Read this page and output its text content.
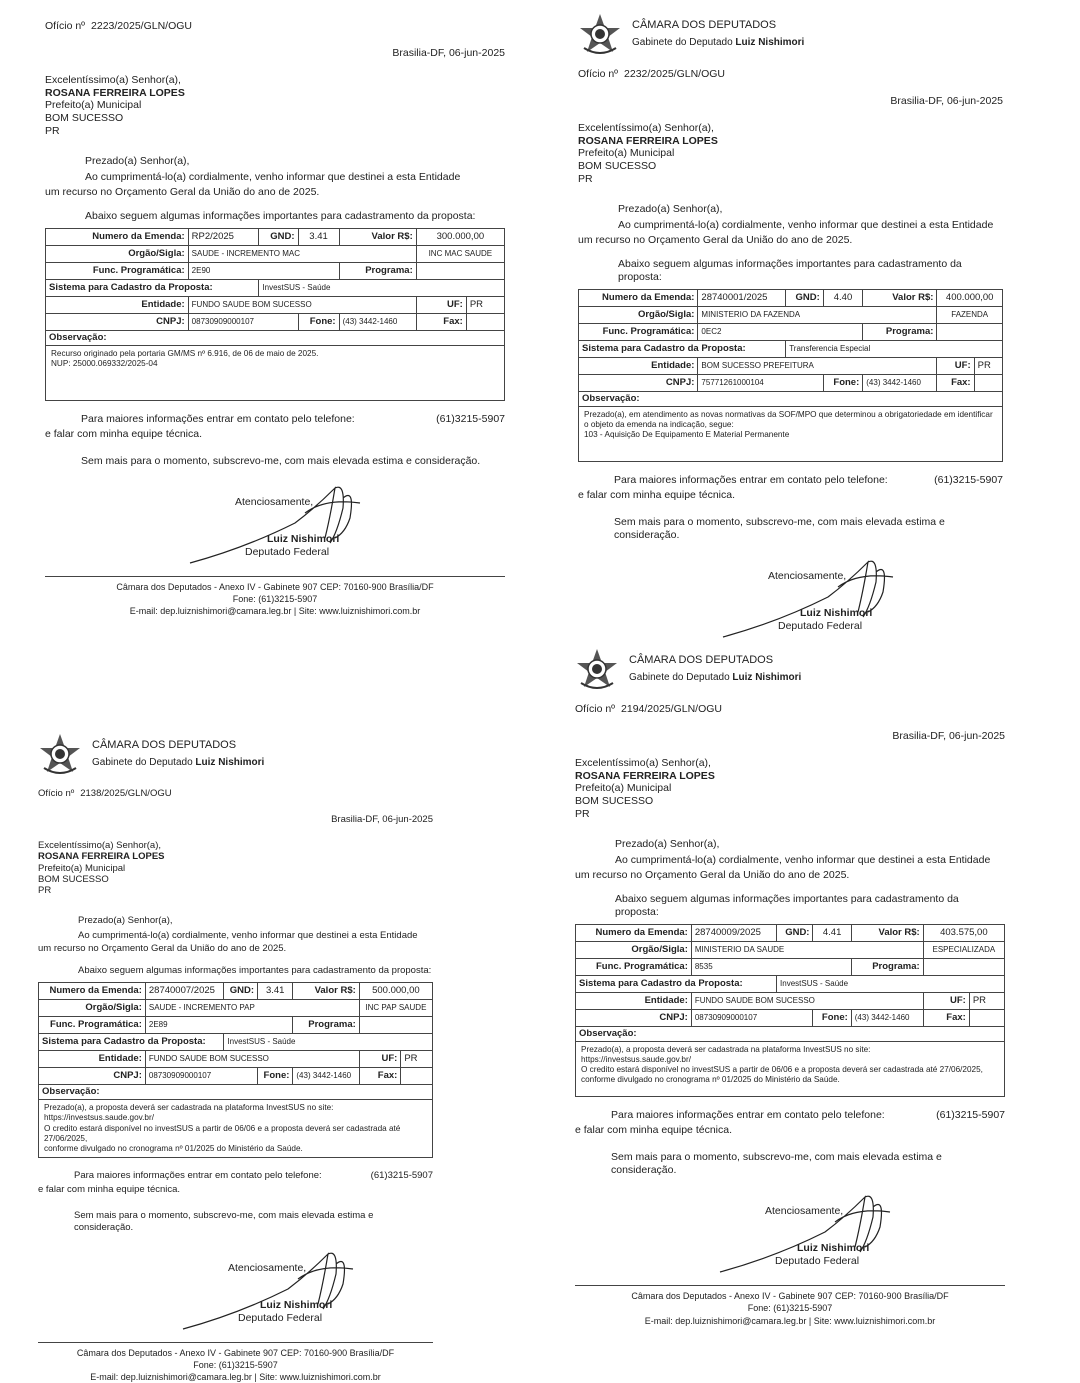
Ofício nº 2223/2025/GLN/OGU
Brasilia-DF, 06-jun-2025
Excelentíssimo(a) Senhor(a),
ROSANA FERREIRA LOPES
Prefeito(a) Municipal
BOM SUCESSO
PR
Prezado(a) Senhor(a),
Ao cumprimentá-lo(a) cordialmente, venho informar que destinei a esta Entidade
um recurso no Orçamento Geral da União do ano de 2025.
Abaixo seguem algumas informações importantes para cadastramento da proposta:
Numero da Emenda:	RP2/2025	GND:	3.41	Valor R$:	300.000,00	
Orgão/Sigla:	SAUDE - INCREMENTO MAC				INC MAC SAUDE	
Func. Programática:	2E90			Programa:		
Sistema para Cadastro da Proposta:		InvestSUS - Saúde				
Entidade:	FUNDO SAUDE BOM SUCESSO				UF:	PR
CNPJ:	08730909000107		Fone:	(43) 3442-1460	Fax:	
Observação:
Recurso originado pela portaria GM/MS nº 6.916, de 06 de maio de 2025.
NUP: 25000.069332/2025-04
Para maiores informações entrar em contato pelo telefone:	(61)3215-5907
e falar com minha equipe técnica.
Sem mais para o momento, subscrevo-me, com mais elevada estima e consideração.
Atenciosamente,
Luiz Nishimori
Deputado Federal
Câmara dos Deputados - Anexo IV - Gabinete 907 CEP: 70160-900 Brasília/DF
Fone: (61)3215-5907
E-mail: dep.luiznishimori@camara.leg.br | Site: www.luiznishimori.com.br
CÂMARA DOS DEPUTADOS
Gabinete do Deputado Luiz Nishimori
Ofício nº 2232/2025/GLN/OGU
Brasilia-DF, 06-jun-2025
Excelentíssimo(a) Senhor(a),
ROSANA FERREIRA LOPES
Prefeito(a) Municipal
BOM SUCESSO
PR
Prezado(a) Senhor(a),
Ao cumprimentá-lo(a) cordialmente, venho informar que destinei a esta Entidade
um recurso no Orçamento Geral da União do ano de 2025.
Abaixo seguem algumas informações importantes para cadastramento da proposta:
Numero da Emenda:	28740001/2025	GND:	4.40	Valor R$:	400.000,00	
Orgão/Sigla:	MINISTERIO DA FAZENDA				FAZENDA	
Func. Programática:	0EC2			Programa:		
Sistema para Cadastro da Proposta:		Transferencia Especial				
Entidade:	BOM SUCESSO PREFEITURA				UF:	PR
CNPJ:	75771261000104		Fone:	(43) 3442-1460	Fax:	
Observação:
Prezado(a), em atendimento as novas normativas da SOF/MPO que determinou a obrigatoriedade em identificar
o objeto da emenda na indicação, segue:
103 - Aquisição De Equipamento E Material Permanente
Para maiores informações entrar em contato pelo telefone:	(61)3215-5907
e falar com minha equipe técnica.
Sem mais para o momento, subscrevo-me, com mais elevada estima e consideração.
Atenciosamente,
Luiz Nishimori
Deputado Federal
CÂMARA DOS DEPUTADOS
Gabinete do Deputado Luiz Nishimori
Ofício nº 2138/2025/GLN/OGU
Brasilia-DF, 06-jun-2025
Excelentíssimo(a) Senhor(a),
ROSANA FERREIRA LOPES
Prefeito(a) Municipal
BOM SUCESSO
PR
Prezado(a) Senhor(a),
Ao cumprimentá-lo(a) cordialmente, venho informar que destinei a esta Entidade
um recurso no Orçamento Geral da União do ano de 2025.
Abaixo seguem algumas informações importantes para cadastramento da proposta:
Numero da Emenda:	28740007/2025	GND:	3.41	Valor R$:	500.000,00	
Orgão/Sigla:	SAUDE - INCREMENTO PAP				INC PAP SAUDE	
Func. Programática:	2E89			Programa:		
Sistema para Cadastro da Proposta:		InvestSUS - Saúde				
Entidade:	FUNDO SAUDE BOM SUCESSO				UF:	PR
CNPJ:	08730909000107		Fone:	(43) 3442-1460	Fax:	
Observação:
Prezado(a), a proposta deverá ser cadastrada na plataforma InvestSUS no site:
https://investsus.saude.gov.br/
O credito estará disponível no investSUS a partir de 06/06 e a proposta deverá ser cadastrada até 27/06/2025,
conforme divulgado no cronograma nº 01/2025 do Ministério da Saúde.
Para maiores informações entrar em contato pelo telefone:	(61)3215-5907
e falar com minha equipe técnica.
Sem mais para o momento, subscrevo-me, com mais elevada estima e consideração.
Atenciosamente,
Luiz Nishimori
Deputado Federal
Câmara dos Deputados - Anexo IV - Gabinete 907 CEP: 70160-900 Brasília/DF
Fone: (61)3215-5907
E-mail: dep.luiznishimori@camara.leg.br | Site: www.luiznishimori.com.br
CÂMARA DOS DEPUTADOS
Gabinete do Deputado Luiz Nishimori
Ofício nº 2194/2025/GLN/OGU
Brasilia-DF, 06-jun-2025
Excelentíssimo(a) Senhor(a),
ROSANA FERREIRA LOPES
Prefeito(a) Municipal
BOM SUCESSO
PR
Prezado(a) Senhor(a),
Ao cumprimentá-lo(a) cordialmente, venho informar que destinei a esta Entidade
um recurso no Orçamento Geral da União do ano de 2025.
Abaixo seguem algumas informações importantes para cadastramento da proposta:
Numero da Emenda:	28740009/2025	GND:	4.41	Valor R$:	403.575,00	
Orgão/Sigla:	MINISTERIO DA SAUDE				ESPECIALIZADA	
Func. Programática:	8535			Programa:		
Sistema para Cadastro da Proposta:		InvestSUS - Saúde				
Entidade:	FUNDO SAUDE BOM SUCESSO				UF:	PR
CNPJ:	08730909000107		Fone:	(43) 3442-1460	Fax:	
Observação:
Prezado(a), a proposta deverá ser cadastrada na plataforma InvestSUS no site:
https://investsus.saude.gov.br/
O credito estará disponível no investSUS a partir de 06/06 e a proposta deverá ser cadastrada até 27/06/2025,
conforme divulgado no cronograma nº 01/2025 do Ministério da Saúde.
Para maiores informações entrar em contato pelo telefone:	(61)3215-5907
e falar com minha equipe técnica.
Sem mais para o momento, subscrevo-me, com mais elevada estima e consideração.
Atenciosamente,
Luiz Nishimori
Deputado Federal
Câmara dos Deputados - Anexo IV - Gabinete 907 CEP: 70160-900 Brasília/DF
Fone: (61)3215-5907
E-mail: dep.luiznishimori@camara.leg.br | Site: www.luiznishimori.com.br
